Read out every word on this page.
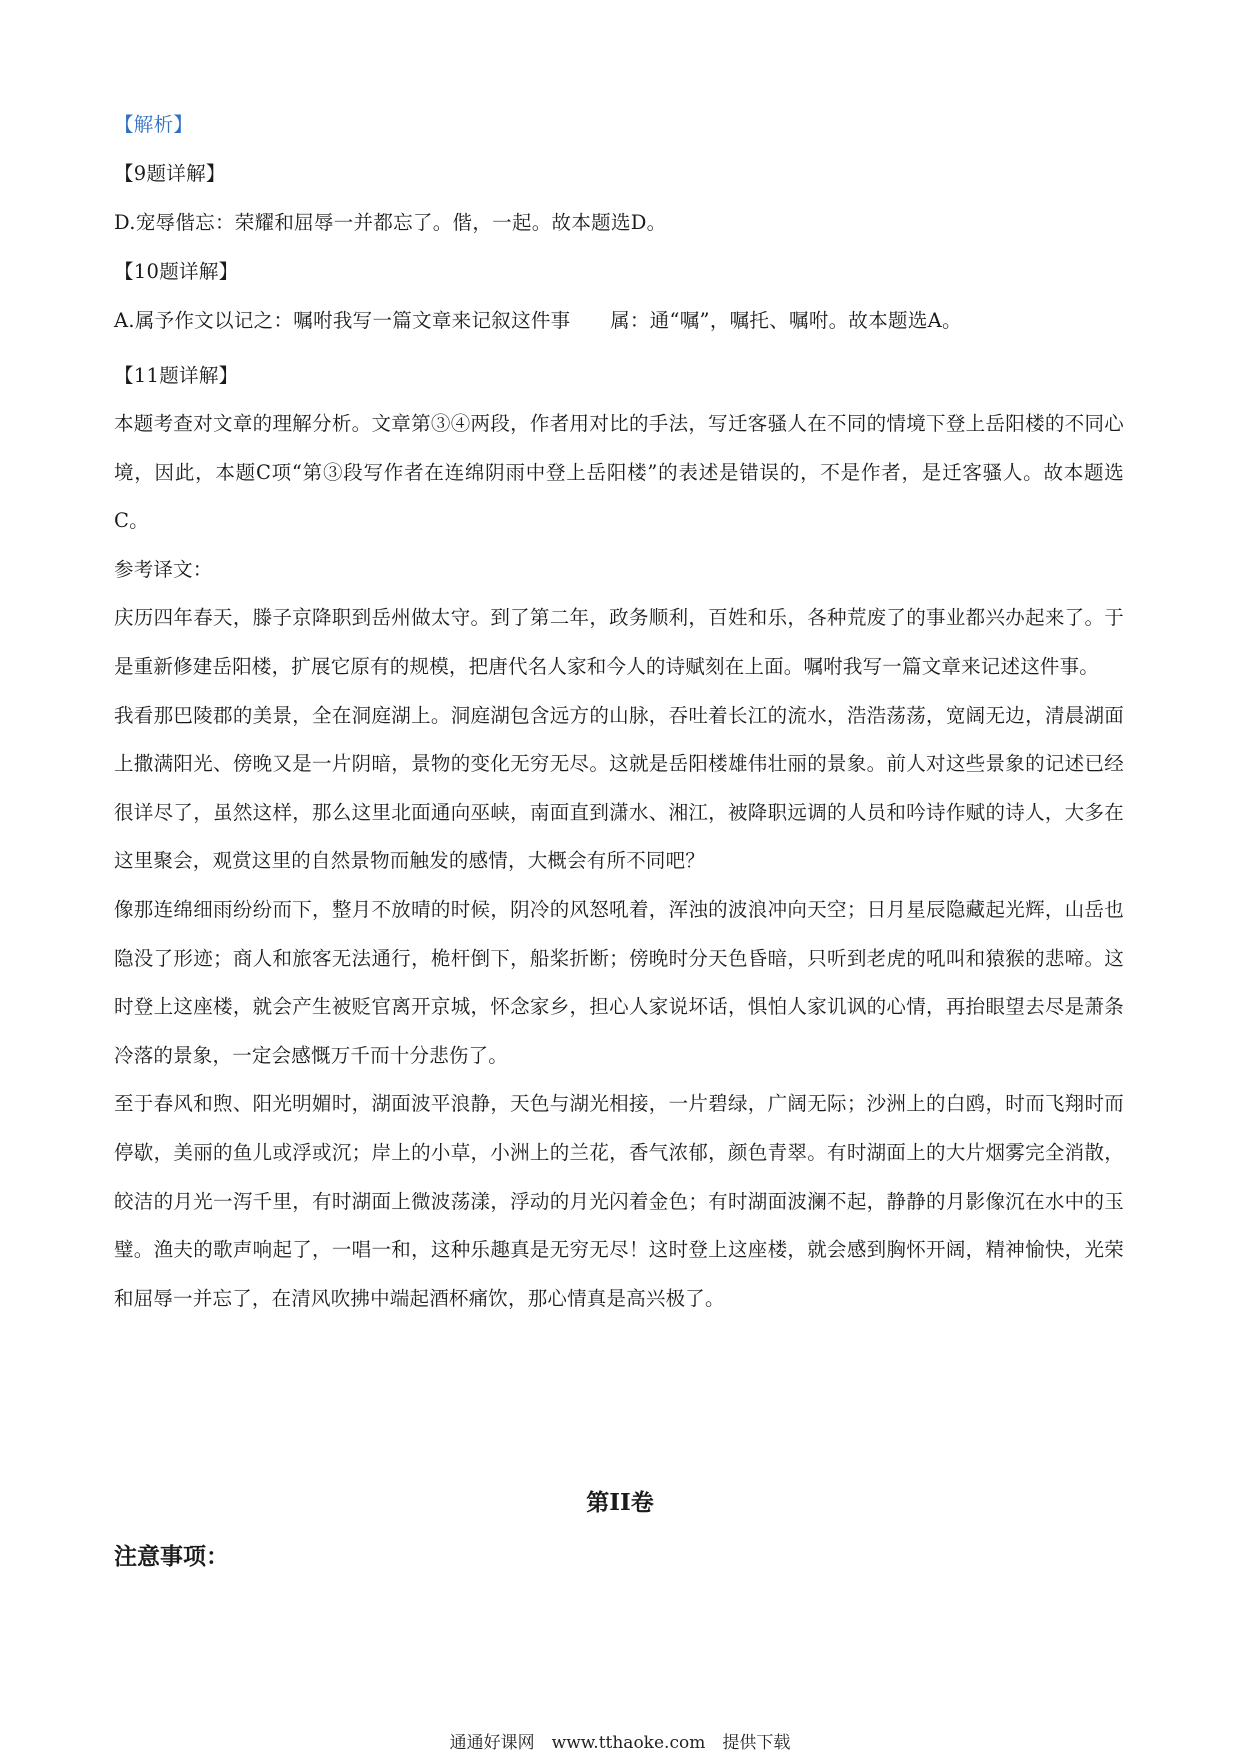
【解析】

【9题详解】

D.宠辱偕忘：荣耀和屈辱一并都忘了。偕，一起。故本题选D。

【10题详解】

A.属予作文以记之：嘱咐我写一篇文章来记叙这件事　　属：通“嘱”，嘱托、嘱咐。故本题选A。

【11题详解】

本题考查对文章的理解分析。文章第③④两段，作者用对比的手法，写迁客骚人在不同的情境下登上岳阳楼的不同心境，因此，本题C项“第③段写作者在连绵阴雨中登上岳阳楼”的表述是错误的，不是作者，是迁客骚人。故本题选C。

参考译文：

庆历四年春天，滕子京降职到岳州做太守。到了第二年，政务顺利，百姓和乐，各种荒废了的事业都兴办起来了。于是重新修建岳阳楼，扩展它原有的规模，把唐代名人家和今人的诗赋刻在上面。嘱咐我写一篇文章来记述这件事。

我看那巴陵郡的美景，全在洞庭湖上。洞庭湖包含远方的山脉，吞吐着长江的流水，浩浩荡荡，宽阔无边，清晨湖面上撒满阳光、傍晚又是一片阴暗，景物的变化无穷无尽。这就是岳阳楼雄伟壮丽的景象。前人对这些景象的记述已经很详尽了，虽然这样，那么这里北面通向巫峡，南面直到潇水、湘江，被降职远调的人员和吟诗作赋的诗人，大多在这里聚会，观赏这里的自然景物而触发的感情，大概会有所不同吧？

像那连绵细雨纷纷而下，整月不放晴的时候，阴冷的风怒吼着，浑浊的波浪冲向天空；日月星辰隐藏起光辉，山岳也隐没了形迹；商人和旅客无法通行，桅杆倒下，船桨折断；傍晚时分天色昏暗，只听到老虎的吼叫和猿猴的悲啼。这时登上这座楼，就会产生被贬官离开京城，怀念家乡，担心人家说坏话，惧怕人家讥讽的心情，再抬眼望去尽是萧条冷落的景象，一定会感慨万千而十分悲伤了。

至于春风和煦、阳光明媚时，湖面波平浪静，天色与湖光相接，一片碧绿，广阔无际；沙洲上的白鸥，时而飞翔时而停歇，美丽的鱼儿或浮或沉；岸上的小草，小洲上的兰花，香气浓郁，颜色青翠。有时湖面上的大片烟雾完全消散，皎洁的月光一泻千里，有时湖面上微波荡漾，浮动的月光闪着金色；有时湖面波澜不起，静静的月影像沉在水中的玉璧。渔夫的歌声响起了，一唱一和，这种乐趣真是无穷无尽！这时登上这座楼，就会感到胸怀开阔，精神愉快，光荣和屈辱一并忘了，在清风吹拂中端起酒杯痛饮，那心情真是高兴极了。

第II卷
注意事项：
通通好课网　www.tthaoke.com　提供下载
